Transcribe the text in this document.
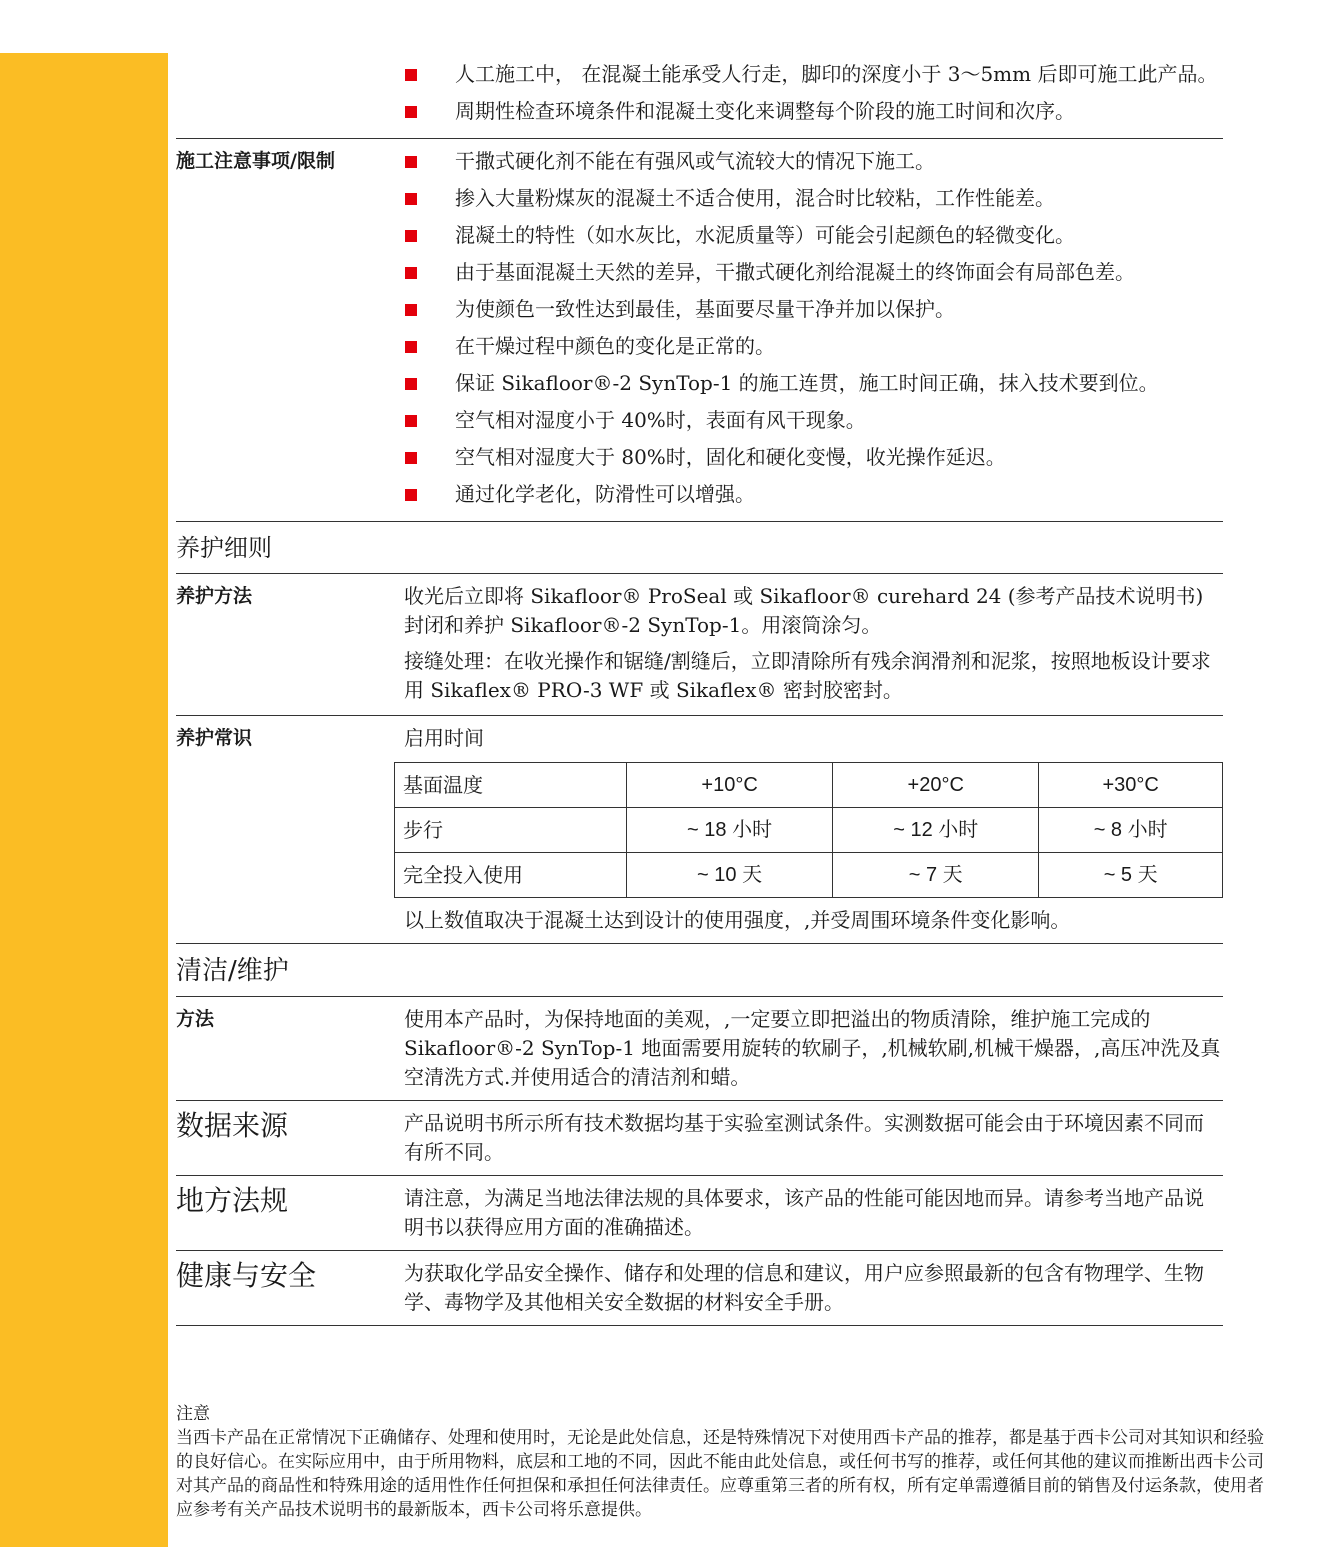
人工施工中， 在混凝土能承受人行走，脚印的深度小于 3～5mm 后即可施工此产品。
周期性检查环境条件和混凝土变化来调整每个阶段的施工时间和次序。
施工注意事项/限制	干撒式硬化剂不能在有强风或气流较大的情况下施工。
掺入大量粉煤灰的混凝土不适合使用，混合时比较粘，工作性能差。
混凝土的特性（如水灰比，水泥质量等）可能会引起颜色的轻微变化。
由于基面混凝土天然的差异，干撒式硬化剂给混凝土的终饰面会有局部色差。
为使颜色一致性达到最佳，基面要尽量干净并加以保护。
在干燥过程中颜色的变化是正常的。
保证 Sikafloor®-2 SynTop-1 的施工连贯，施工时间正确，抹入技术要到位。
空气相对湿度小于 40%时，表面有风干现象。
空气相对湿度大于 80%时，固化和硬化变慢，收光操作延迟。
通过化学老化，防滑性可以增强。
养护细则
养护方法	收光后立即将 Sikafloor® ProSeal 或 Sikafloor® curehard 24 (参考产品技术说明书)封闭和养护 Sikafloor®-2 SynTop-1。用滚筒涂匀。

接缝处理：在收光操作和锯缝/割缝后，立即清除所有残余润滑剂和泥浆，按照地板设计要求用 Sikaflex® PRO-3 WF 或 Sikaflex® 密封胶密封。

养护常识	启用时间

基面温度	+10°C	+20°C	+30°C
步行	~ 18 小时	~ 12 小时	~ 8 小时
完全投入使用	~ 10 天	~ 7 天	~ 5 天

以上数值取决于混凝土达到设计的使用强度，,并受周围环境条件变化影响。

清洁/维护
方法	使用本产品时，为保持地面的美观，,一定要立即把溢出的物质清除，维护施工完成的 Sikafloor®-2 SynTop-1 地面需要用旋转的软刷子，,机械软刷,机械干燥器，,高压冲洗及真空清洗方式.并使用适合的清洁剂和蜡。

数据来源	产品说明书所示所有技术数据均基于实验室测试条件。实测数据可能会由于环境因素不同而有所不同。

地方法规	请注意，为满足当地法律法规的具体要求，该产品的性能可能因地而异。请参考当地产品说明书以获得应用方面的准确描述。

健康与安全	为获取化学品安全操作、储存和处理的信息和建议，用户应参照最新的包含有物理学、生物学、毒物学及其他相关安全数据的材料安全手册。

注意

当西卡产品在正常情况下正确储存、处理和使用时，无论是此处信息，还是特殊情况下对使用西卡产品的推荐，都是基于西卡公司对其知识和经验的良好信心。在实际应用中，由于所用物料，底层和工地的不同，因此不能由此处信息，或任何书写的推荐，或任何其他的建议而推断出西卡公司对其产品的商品性和特殊用途的适用性作任何担保和承担任何法律责任。应尊重第三者的所有权，所有定单需遵循目前的销售及付运条款，使用者应参考有关产品技术说明书的最新版本，西卡公司将乐意提供。
